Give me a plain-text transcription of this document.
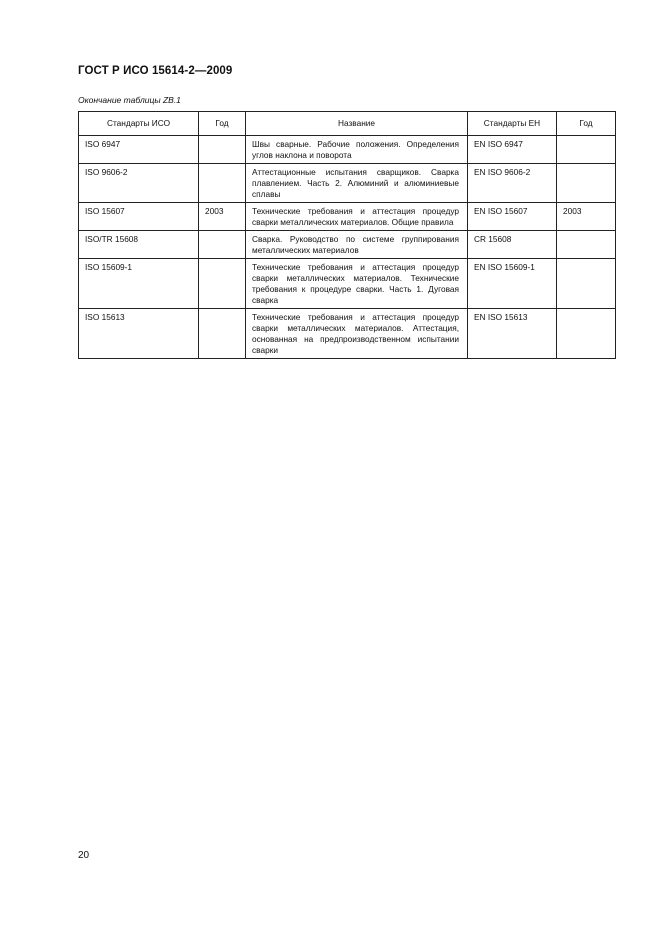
ГОСТ Р ИСО 15614-2—2009
Окончание таблицы ZB.1
Стандарты ИСО	Год	Название	Стандарты ЕН	Год
ISO 6947		Швы сварные. Рабочие положения. Определения углов наклона и поворота	EN ISO 6947	
ISO 9606-2		Аттестационные испытания сварщиков. Сварка плавлением. Часть 2. Алюминий и алюминиевые сплавы	EN ISO 9606-2	
ISO 15607	2003	Технические требования и аттестация процедур сварки металлических материалов. Общие правила	EN ISO 15607	2003
ISO/TR 15608		Сварка. Руководство по системе группирования металлических материалов	CR 15608	
ISO 15609-1		Технические требования и аттестация процедур сварки металлических материалов. Технические требования к процедуре сварки. Часть 1. Дуговая сварка	EN ISO 15609-1	
ISO 15613		Технические требования и аттестация процедур сварки металлических материалов. Аттестация, основанная на предпроизводственном испытании сварки	EN ISO 15613	
20
